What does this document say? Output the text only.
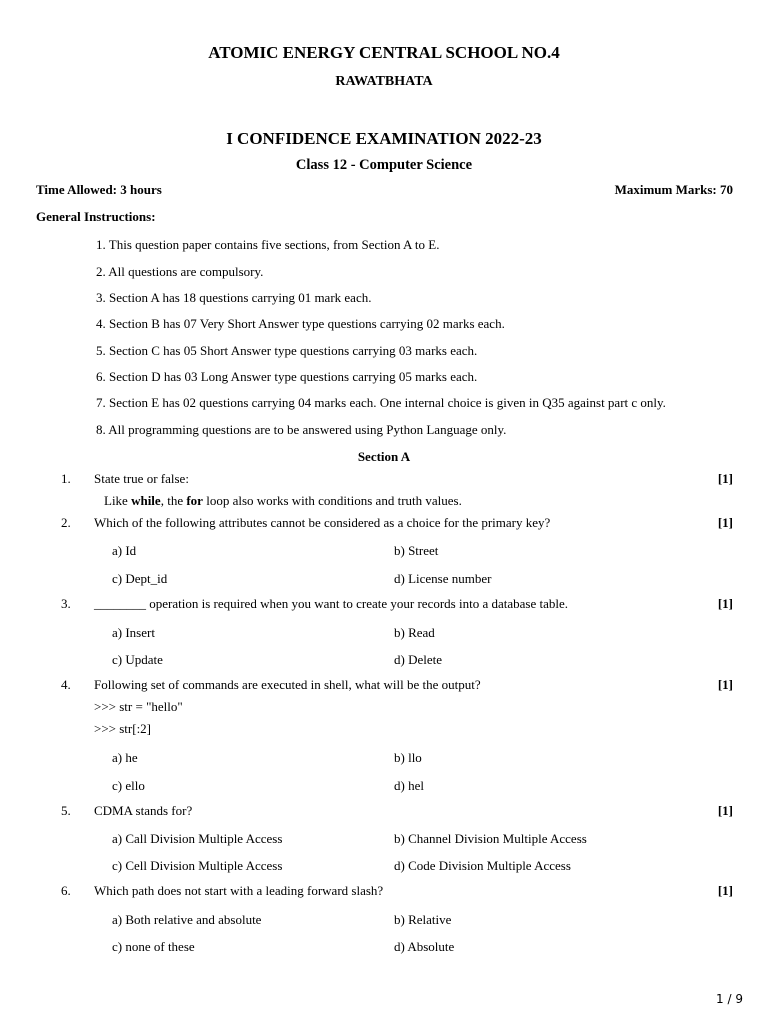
ATOMIC ENERGY CENTRAL SCHOOL NO.4
RAWATBHATA
I CONFIDENCE EXAMINATION 2022-23
Class 12 - Computer Science
Time Allowed: 3 hours	Maximum Marks: 70
General Instructions:
1. This question paper contains five sections, from Section A to E.
2. All questions are compulsory.
3. Section A has 18 questions carrying 01 mark each.
4. Section B has 07 Very Short Answer type questions carrying 02 marks each.
5. Section C has 05 Short Answer type questions carrying 03 marks each.
6. Section D has 03 Long Answer type questions carrying 05 marks each.
7. Section E has 02 questions carrying 04 marks each. One internal choice is given in Q35 against part c only.
8. All programming questions are to be answered using Python Language only.
Section A
1. State true or false:	[1]
Like while, the for loop also works with conditions and truth values.
2. Which of the following attributes cannot be considered as a choice for the primary key?	[1]
a) Id	b) Street
c) Dept_id	d) License number
3. ________ operation is required when you want to create your records into a database table.	[1]
a) Insert	b) Read
c) Update	d) Delete
4. Following set of commands are executed in shell, what will be the output?	[1]
>>> str = "hello"
>>> str[:2]
a) he	b) llo
c) ello	d) hel
5. CDMA stands for?	[1]
a) Call Division Multiple Access	b) Channel Division Multiple Access
c) Cell Division Multiple Access	d) Code Division Multiple Access
6. Which path does not start with a leading forward slash?	[1]
a) Both relative and absolute	b) Relative
c) none of these	d) Absolute
1 / 9
